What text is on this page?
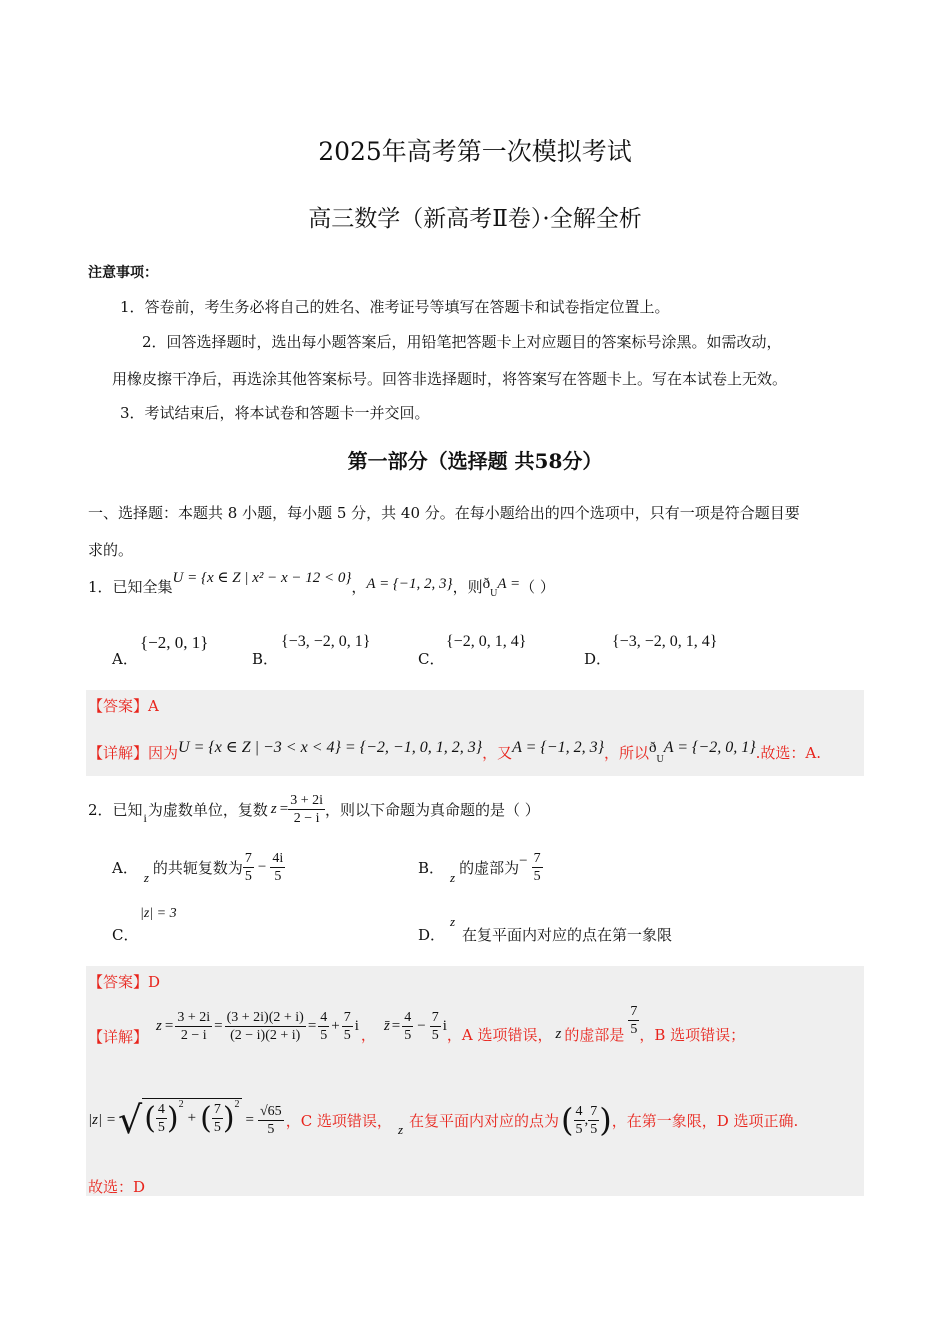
2025年高考第一次模拟考试
高三数学（新高考Ⅱ卷）·全解全析
注意事项：
1．答卷前，考生务必将自己的姓名、准考证号等填写在答题卡和试卷指定位置上。
2．回答选择题时，选出每小题答案后，用铅笔把答题卡上对应题目的答案标号涂黑。如需改动，
用橡皮擦干净后，再选涂其他答案标号。回答非选择题时，将答案写在答题卡上。写在本试卷上无效。
3．考试结束后，将本试卷和答题卡一并交回。
第一部分（选择题 共58分）
一、选择题：本题共 8 小题，每小题 5 分，共 40 分。在每小题给出的四个选项中，只有一项是符合题目要
求的。
1．已知全集U = {x ∈ Z | x² − x − 12 < 0}，A = {−1, 2, 3}，则$ð_UA$ =（ ）
A．
{−2, 0, 1}
B．
{−3, −2, 0, 1}
C．
{−2, 0, 1, 4}
D．
{−3, −2, 0, 1, 4}
【答案】A
【详解】因为U = {x ∈ Z | −3 < x < 4} = {−2, −1, 0, 1, 2, 3}，又A = {−1, 2, 3}，所以$ð_UA = \{-2$, 0, 1}.故选：A.
2．已知 i 为虚数单位，复数 $z = \frac{3 + 2i}{2 - i}$ ，则以下命题为真命题的是（ ）
A． z 的共轭复数为 $\frac{7}{5} - \frac{4i}{5}$	B． z 的虚部为 − $\frac{7}{5}$
C．
|z| = 3
D．
z
在复平面内对应的点在第一象限
【答案】D
【详解】
$z = \frac{3 + 2i}{2 - i} = \frac{(3 + 2i)(2 + i)}{(2 - i)(2 + i)} = \frac{4}{5} + \frac{7}{5}$ i ， z̄ = $\frac{4}{5} - \frac{7}{5}$ i ，A 选项错误， z 的虚部是 $\frac{7}{5}$ ，B 选项错误；
|z| = √ ( $\frac{4}{5}$ ) 2
+ ( $\frac{7}{5}$ ) 2
= $\frac{√65}{5}$ ，C 选项错误， z 在复平面内对应的点为 ( $\frac{4}{5}$ , $\frac{7}{5}$ ) ，在第一象限，D 选项正确.
故选：D
